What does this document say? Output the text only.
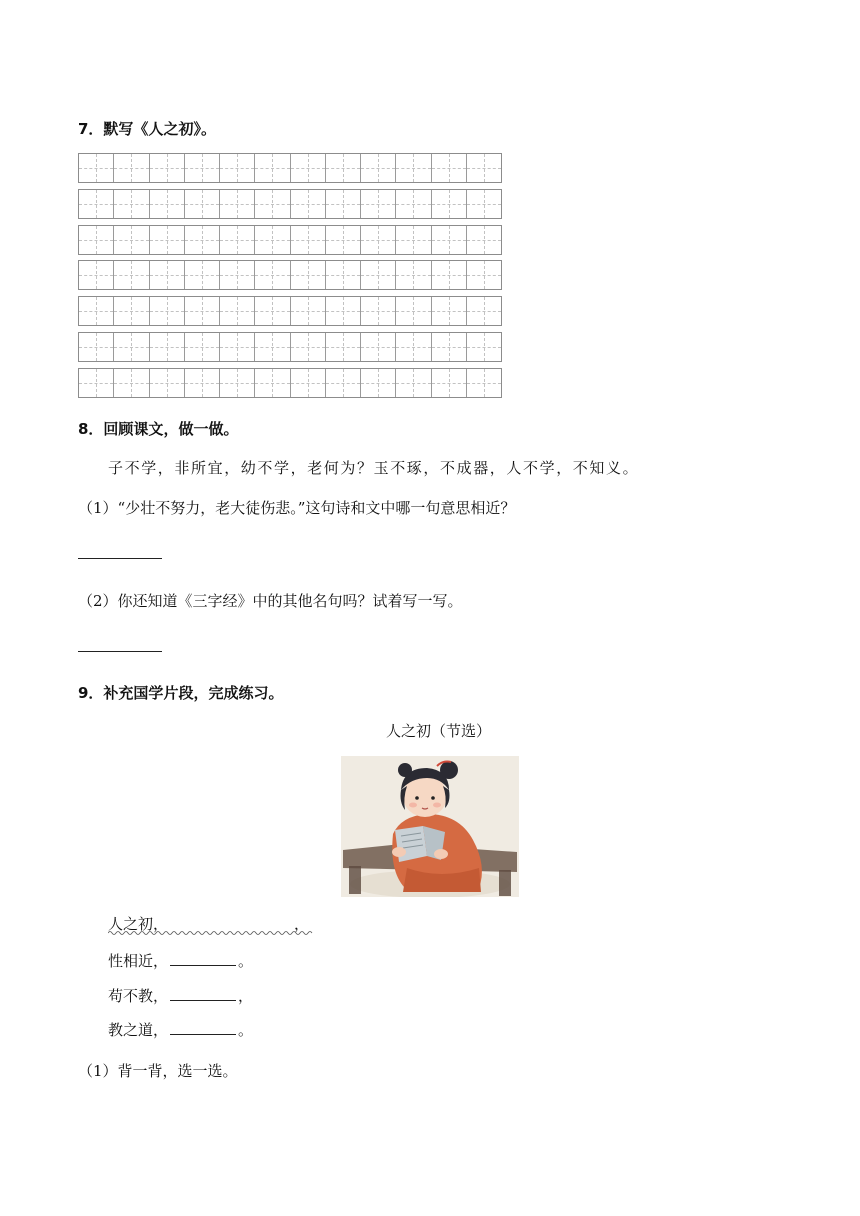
7．默写《人之初》。
8．回顾课文，做一做。
子不学，非所宜，幼不学，老何为？玉不琢，不成器，人不学，不知义。
（1）“少壮不努力，老大徒伤悲。”这句诗和文中哪一句意思相近？
（2）你还知道《三字经》中的其他名句吗？试着写一写。
9．补充国学片段，完成练习。
人之初（节选）
人之初，	，
性相近，	。
苟不教，	，
教之道，	。
（1）背一背，选一选。
